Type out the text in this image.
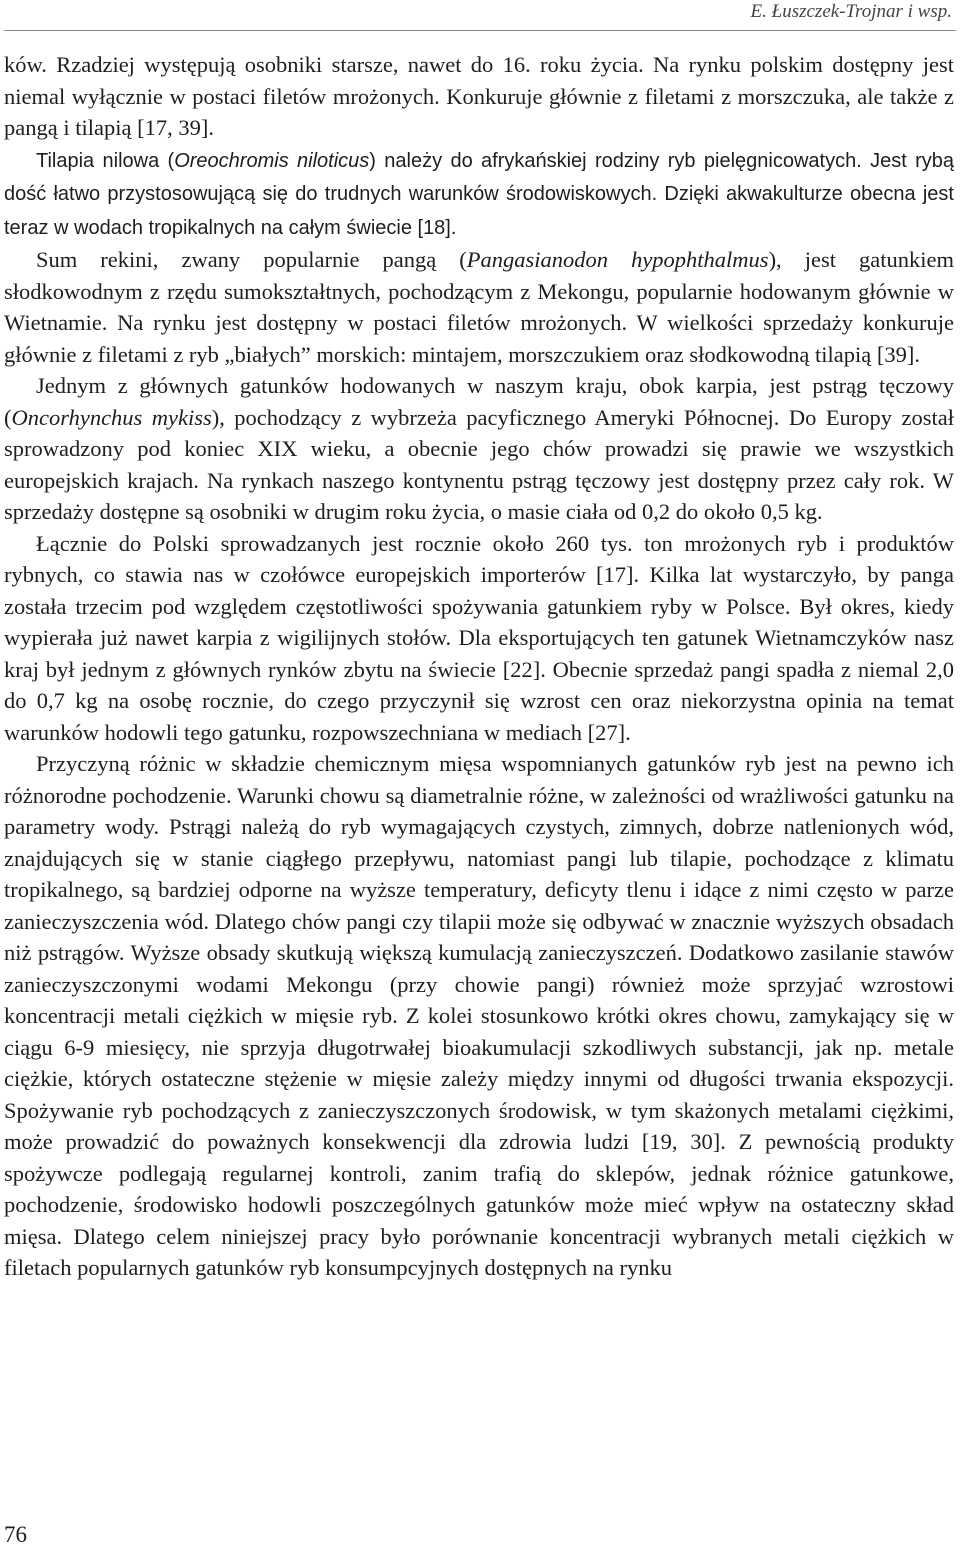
E. Łuszczek-Trojnar i wsp.

ków. Rzadziej występują osobniki starsze, nawet do 16. roku życia. Na rynku polskim dostępny jest niemal wyłącznie w postaci filetów mrożonych. Konkuruje głównie z filetami z morszczuka, ale także z pangą i tilapią [17, 39].

Tilapia nilowa (Oreochromis niloticus) należy do afrykańskiej rodziny ryb pielęgnicowatych. Jest rybą dość łatwo przystosowującą się do trudnych warunków środowiskowych. Dzięki akwakulturze obecna jest teraz w wodach tropikalnych na całym świecie [18].

Sum rekini, zwany popularnie pangą (Pangasianodon hypophthalmus), jest gatunkiem słodkowodnym z rzędu sumokształtnych, pochodzącym z Mekongu, popularnie hodowanym głównie w Wietnamie. Na rynku jest dostępny w postaci filetów mrożonych. W wielkości sprzedaży konkuruje głównie z filetami z ryb „białych” morskich: mintajem, morszczukiem oraz słodkowodną tilapią [39].

Jednym z głównych gatunków hodowanych w naszym kraju, obok karpia, jest pstrąg tęczowy (Oncorhynchus mykiss), pochodzący z wybrzeża pacyficznego Ameryki Północnej. Do Europy został sprowadzony pod koniec XIX wieku, a obecnie jego chów prowadzi się prawie we wszystkich europejskich krajach. Na rynkach naszego kontynentu pstrąg tęczowy jest dostępny przez cały rok. W sprzedaży dostępne są osobniki w drugim roku życia, o masie ciała od 0,2 do około 0,5 kg.

Łącznie do Polski sprowadzanych jest rocznie około 260 tys. ton mrożonych ryb i produktów rybnych, co stawia nas w czołówce europejskich importerów [17]. Kilka lat wystarczyło, by panga została trzecim pod względem częstotliwości spożywania gatunkiem ryby w Polsce. Był okres, kiedy wypierała już nawet karpia z wigilijnych stołów. Dla eksportujących ten gatunek Wietnamczyków nasz kraj był jednym z głównych rynków zbytu na świecie [22]. Obecnie sprzedaż pangi spadła z niemal 2,0 do 0,7 kg na osobę rocznie, do czego przyczynił się wzrost cen oraz niekorzystna opinia na temat warunków hodowli tego gatunku, rozpowszechniana w mediach [27].

Przyczyną różnic w składzie chemicznym mięsa wspomnianych gatunków ryb jest na pewno ich różnorodne pochodzenie. Warunki chowu są diametralnie różne, w zależności od wrażliwości gatunku na parametry wody. Pstrągi należą do ryb wymagających czystych, zimnych, dobrze natlenionych wód, znajdujących się w stanie ciągłego przepływu, natomiast pangi lub tilapie, pochodzące z klimatu tropikalnego, są bardziej odporne na wyższe temperatury, deficyty tlenu i idące z nimi często w parze zanieczyszczenia wód. Dlatego chów pangi czy tilapii może się odbywać w znacznie wyższych obsadach niż pstrągów. Wyższe obsady skutkują większą kumulacją zanieczyszczeń. Dodatkowo zasilanie stawów zanieczyszczonymi wodami Mekongu (przy chowie pangi) również może sprzyjać wzrostowi koncentracji metali ciężkich w mięsie ryb. Z kolei stosunkowo krótki okres chowu, zamykający się w ciągu 6-9 miesięcy, nie sprzyja długotrwałej bioakumulacji szkodliwych substancji, jak np. metale ciężkie, których ostateczne stężenie w mięsie zależy między innymi od długości trwania ekspozycji. Spożywanie ryb pochodzących z zanieczyszczonych środowisk, w tym skażonych metalami ciężkimi, może prowadzić do poważnych konsekwencji dla zdrowia ludzi [19, 30]. Z pewnością produkty spożywcze podlegają regularnej kontroli, zanim trafią do sklepów, jednak różnice gatunkowe, pochodzenie, środowisko hodowli poszczególnych gatunków może mieć wpływ na ostateczny skład mięsa. Dlatego celem niniejszej pracy było porównanie koncentracji wybranych metali ciężkich w filetach popularnych gatunków ryb konsumpcyjnych dostępnych na rynku

76
